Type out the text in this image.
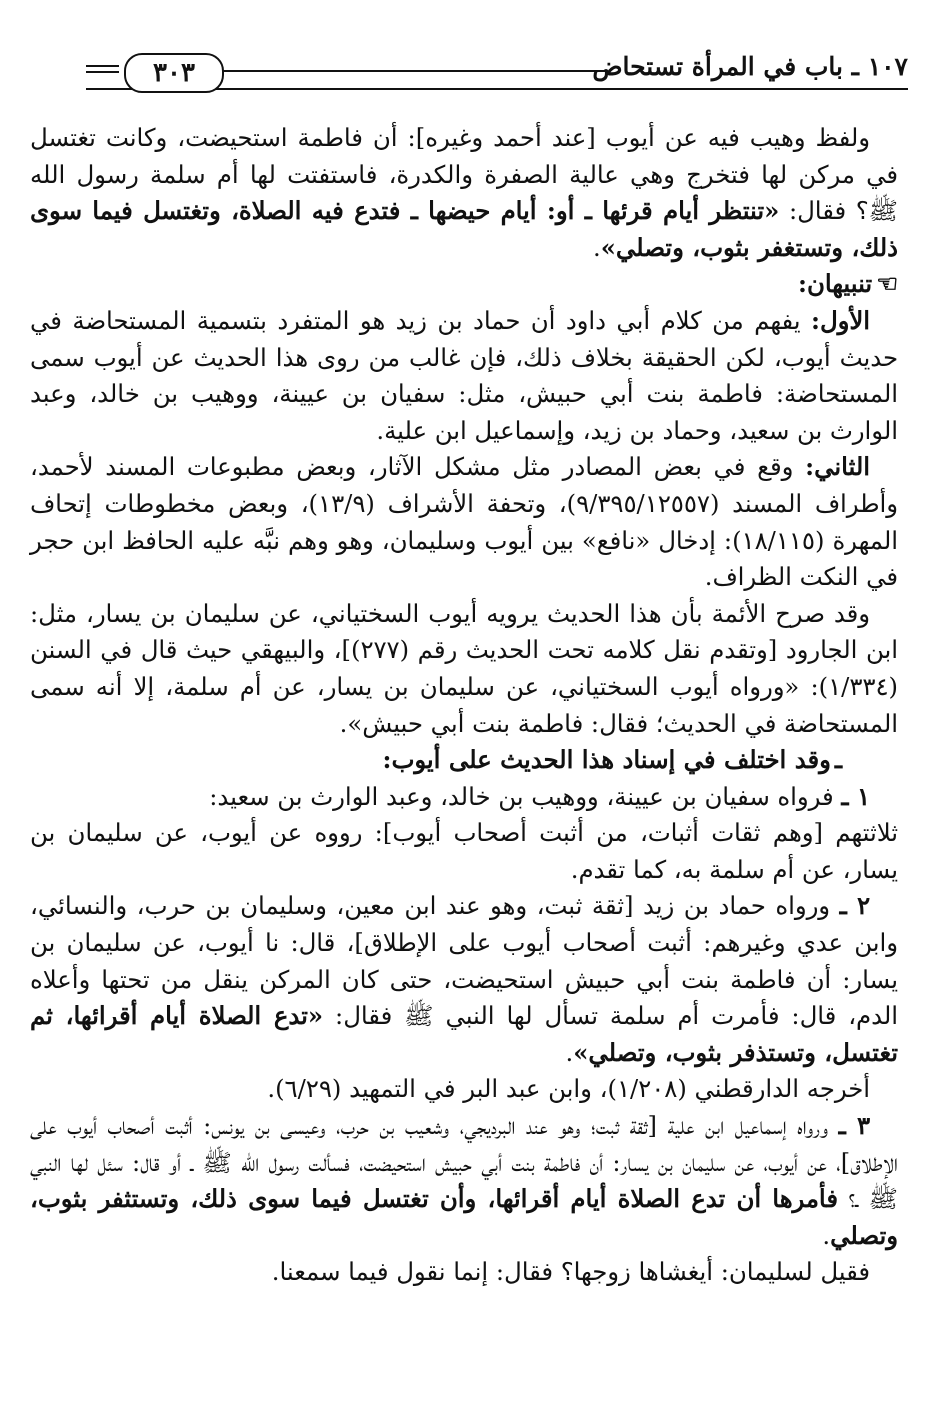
٣٠٣	١٠٧ ـ باب في المرأة تستحاض

ولفظ وهيب فيه عن أيوب [عند أحمد وغيره]: أن فاطمة استحيضت، وكانت تغتسل في مركن لها فتخرج وهي عالية الصفرة والكدرة، فاستفتت لها أم سلمة رسول الله ﷺ؟ فقال: «تنتظر أيام قرئها ـ أو: أيام حيضها ـ فتدع فيه الصلاة، وتغتسل فيما سوى ذلك، وتستغفر بثوب، وتصلي».

☜تنبيهان:

الأول: يفهم من كلام أبي داود أن حماد بن زيد هو المتفرد بتسمية المستحاضة في حديث أيوب، لكن الحقيقة بخلاف ذلك، فإن غالب من روى هذا الحديث عن أيوب سمى المستحاضة: فاطمة بنت أبي حبيش، مثل: سفيان بن عيينة، ووهيب بن خالد، وعبد الوارث بن سعيد، وحماد بن زيد، وإسماعيل ابن علية.

الثاني: وقع في بعض المصادر مثل مشكل الآثار، وبعض مطبوعات المسند لأحمد، وأطراف المسند (٩/٣٩٥/١٢٥٥٧)، وتحفة الأشراف (١٣/٩)، وبعض مخطوطات إتحاف المهرة (١٨/١١٥): إدخال «نافع» بين أيوب وسليمان، وهو وهم نبَّه عليه الحافظ ابن حجر في النكت الظراف.

وقد صرح الأئمة بأن هذا الحديث يرويه أيوب السختياني، عن سليمان بن يسار، مثل: ابن الجارود [وتقدم نقل كلامه تحت الحديث رقم (٢٧٧)]، والبيهقي حيث قال في السنن (١/٣٣٤): «ورواه أيوب السختياني، عن سليمان بن يسار، عن أم سلمة، إلا أنه سمى المستحاضة في الحديث؛ فقال: فاطمة بنت أبي حبيش».

ـوقد اختلف في إسناد هذا الحديث على أيوب:

١ ـ فرواه سفيان بن عيينة، ووهيب بن خالد، وعبد الوارث بن سعيد:

ثلاثتهم [وهم ثقات أثبات، من أثبت أصحاب أيوب]: رووه عن أيوب، عن سليمان بن يسار، عن أم سلمة به، كما تقدم.

٢ ـ ورواه حماد بن زيد [ثقة ثبت، وهو عند ابن معين، وسليمان بن حرب، والنسائي، وابن عدي وغيرهم: أثبت أصحاب أيوب على الإطلاق]، قال: نا أيوب، عن سليمان بن يسار: أن فاطمة بنت أبي حبيش استحيضت، حتى كان المركن ينقل من تحتها وأعلاه الدم، قال: فأمرت أم سلمة تسأل لها النبي ﷺ فقال: «تدع الصلاة أيام أقرائها، ثم تغتسل، وتستذفر بثوب، وتصلي».

أخرجه الدارقطني (١/٢٠٨)، وابن عبد البر في التمهيد (٦/٢٩).

٣ ـ ورواه إسماعيل ابن علية [ثقة ثبت؛ وهو عند البرديجي، وشعيب بن حرب، وعيسى بن يونس: أثبت أصحاب أيوب على الإطلاق]، عن أيوب، عن سليمان بن يسار: أن فاطمة بنت أبي حبيش استحيضت، فسألت رسول الله ﷺ ـ أو قال: سئل لها النبي ﷺ ـ؟ فأمرها أن تدع الصلاة أيام أقرائها، وأن تغتسل فيما سوى ذلك، وتستثفر بثوب، وتصلي.

فقيل لسليمان: أيغشاها زوجها؟ فقال: إنما نقول فيما سمعنا.
